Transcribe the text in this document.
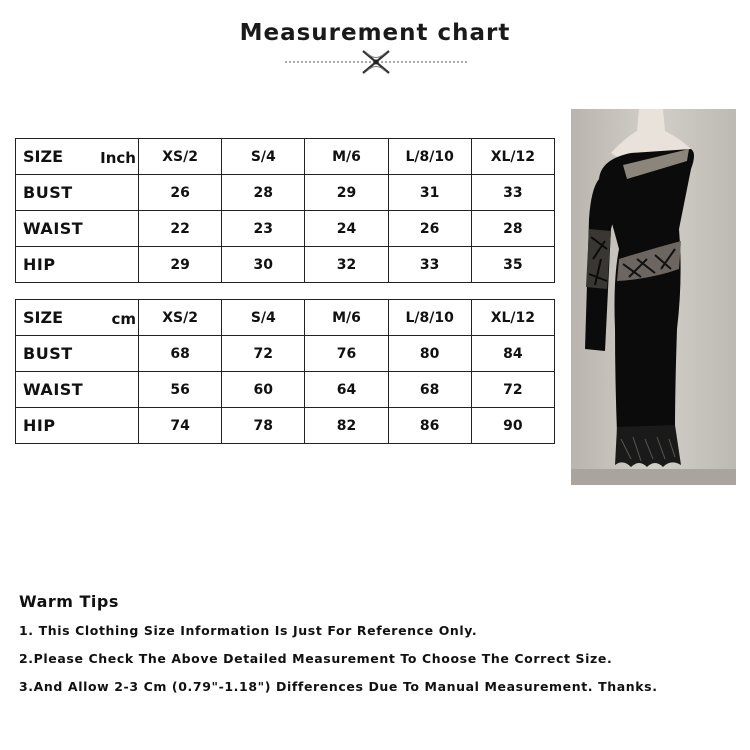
Measurement chart
SIZE Inch	XS/2	S/4	M/6	L/8/10	XL/12
BUST	26	28	29	31	33
WAIST	22	23	24	26	28
HIP	29	30	32	33	35
SIZE cm	XS/2	S/4	M/6	L/8/10	XL/12
BUST	68	72	76	80	84
WAIST	56	60	64	68	72
HIP	74	78	82	86	90
Warm Tips
1. This Clothing Size Information Is Just For Reference Only.
2.Please Check The Above Detailed Measurement To Choose The Correct Size.
3.And Allow 2-3 Cm (0.79"-1.18") Differences Due To Manual Measurement. Thanks.
